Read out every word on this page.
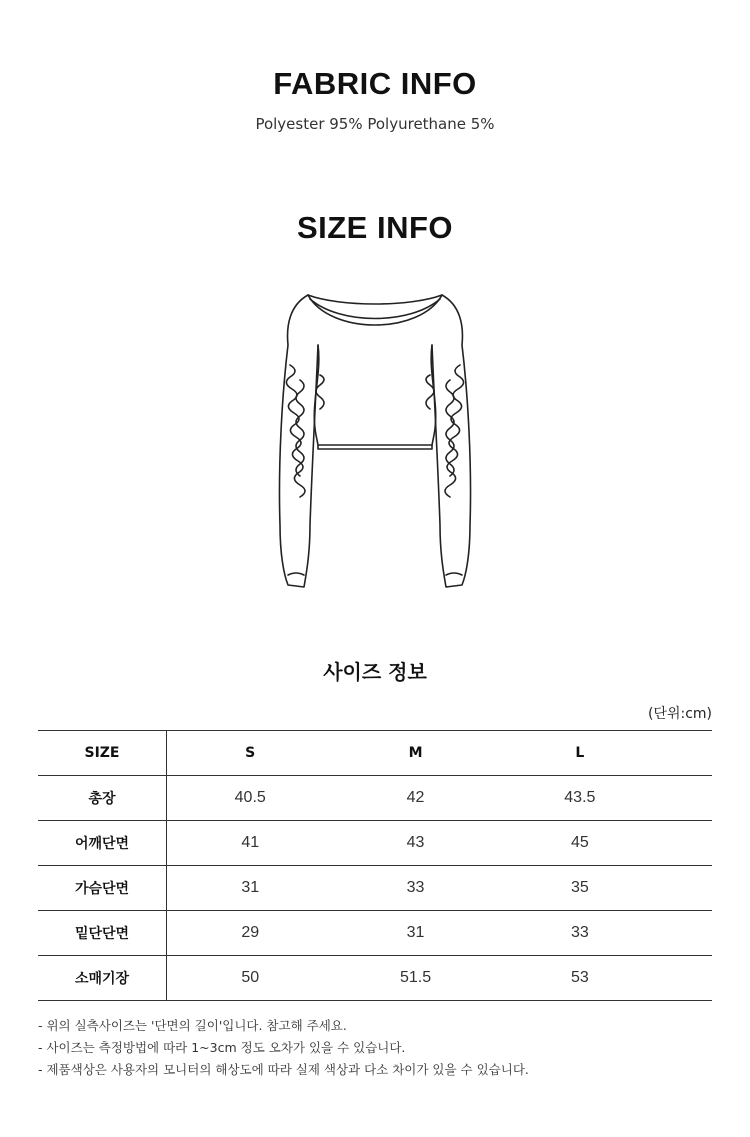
FABRIC INFO
Polyester 95% Polyurethane 5%
SIZE INFO
사이즈 정보
(단위:cm)
SIZE	S	M	L	
총장	40.5	42	43.5	
어깨단면	41	43	45	
가슴단면	31	33	35	
밑단단면	29	31	33	
소매기장	50	51.5	53	
- 위의 실측사이즈는 '단면의 길이'입니다. 참고해 주세요.
- 사이즈는 측정방법에 따라 1~3cm 정도 오차가 있을 수 있습니다.
- 제품색상은 사용자의 모니터의 해상도에 따라 실제 색상과 다소 차이가 있을 수 있습니다.
